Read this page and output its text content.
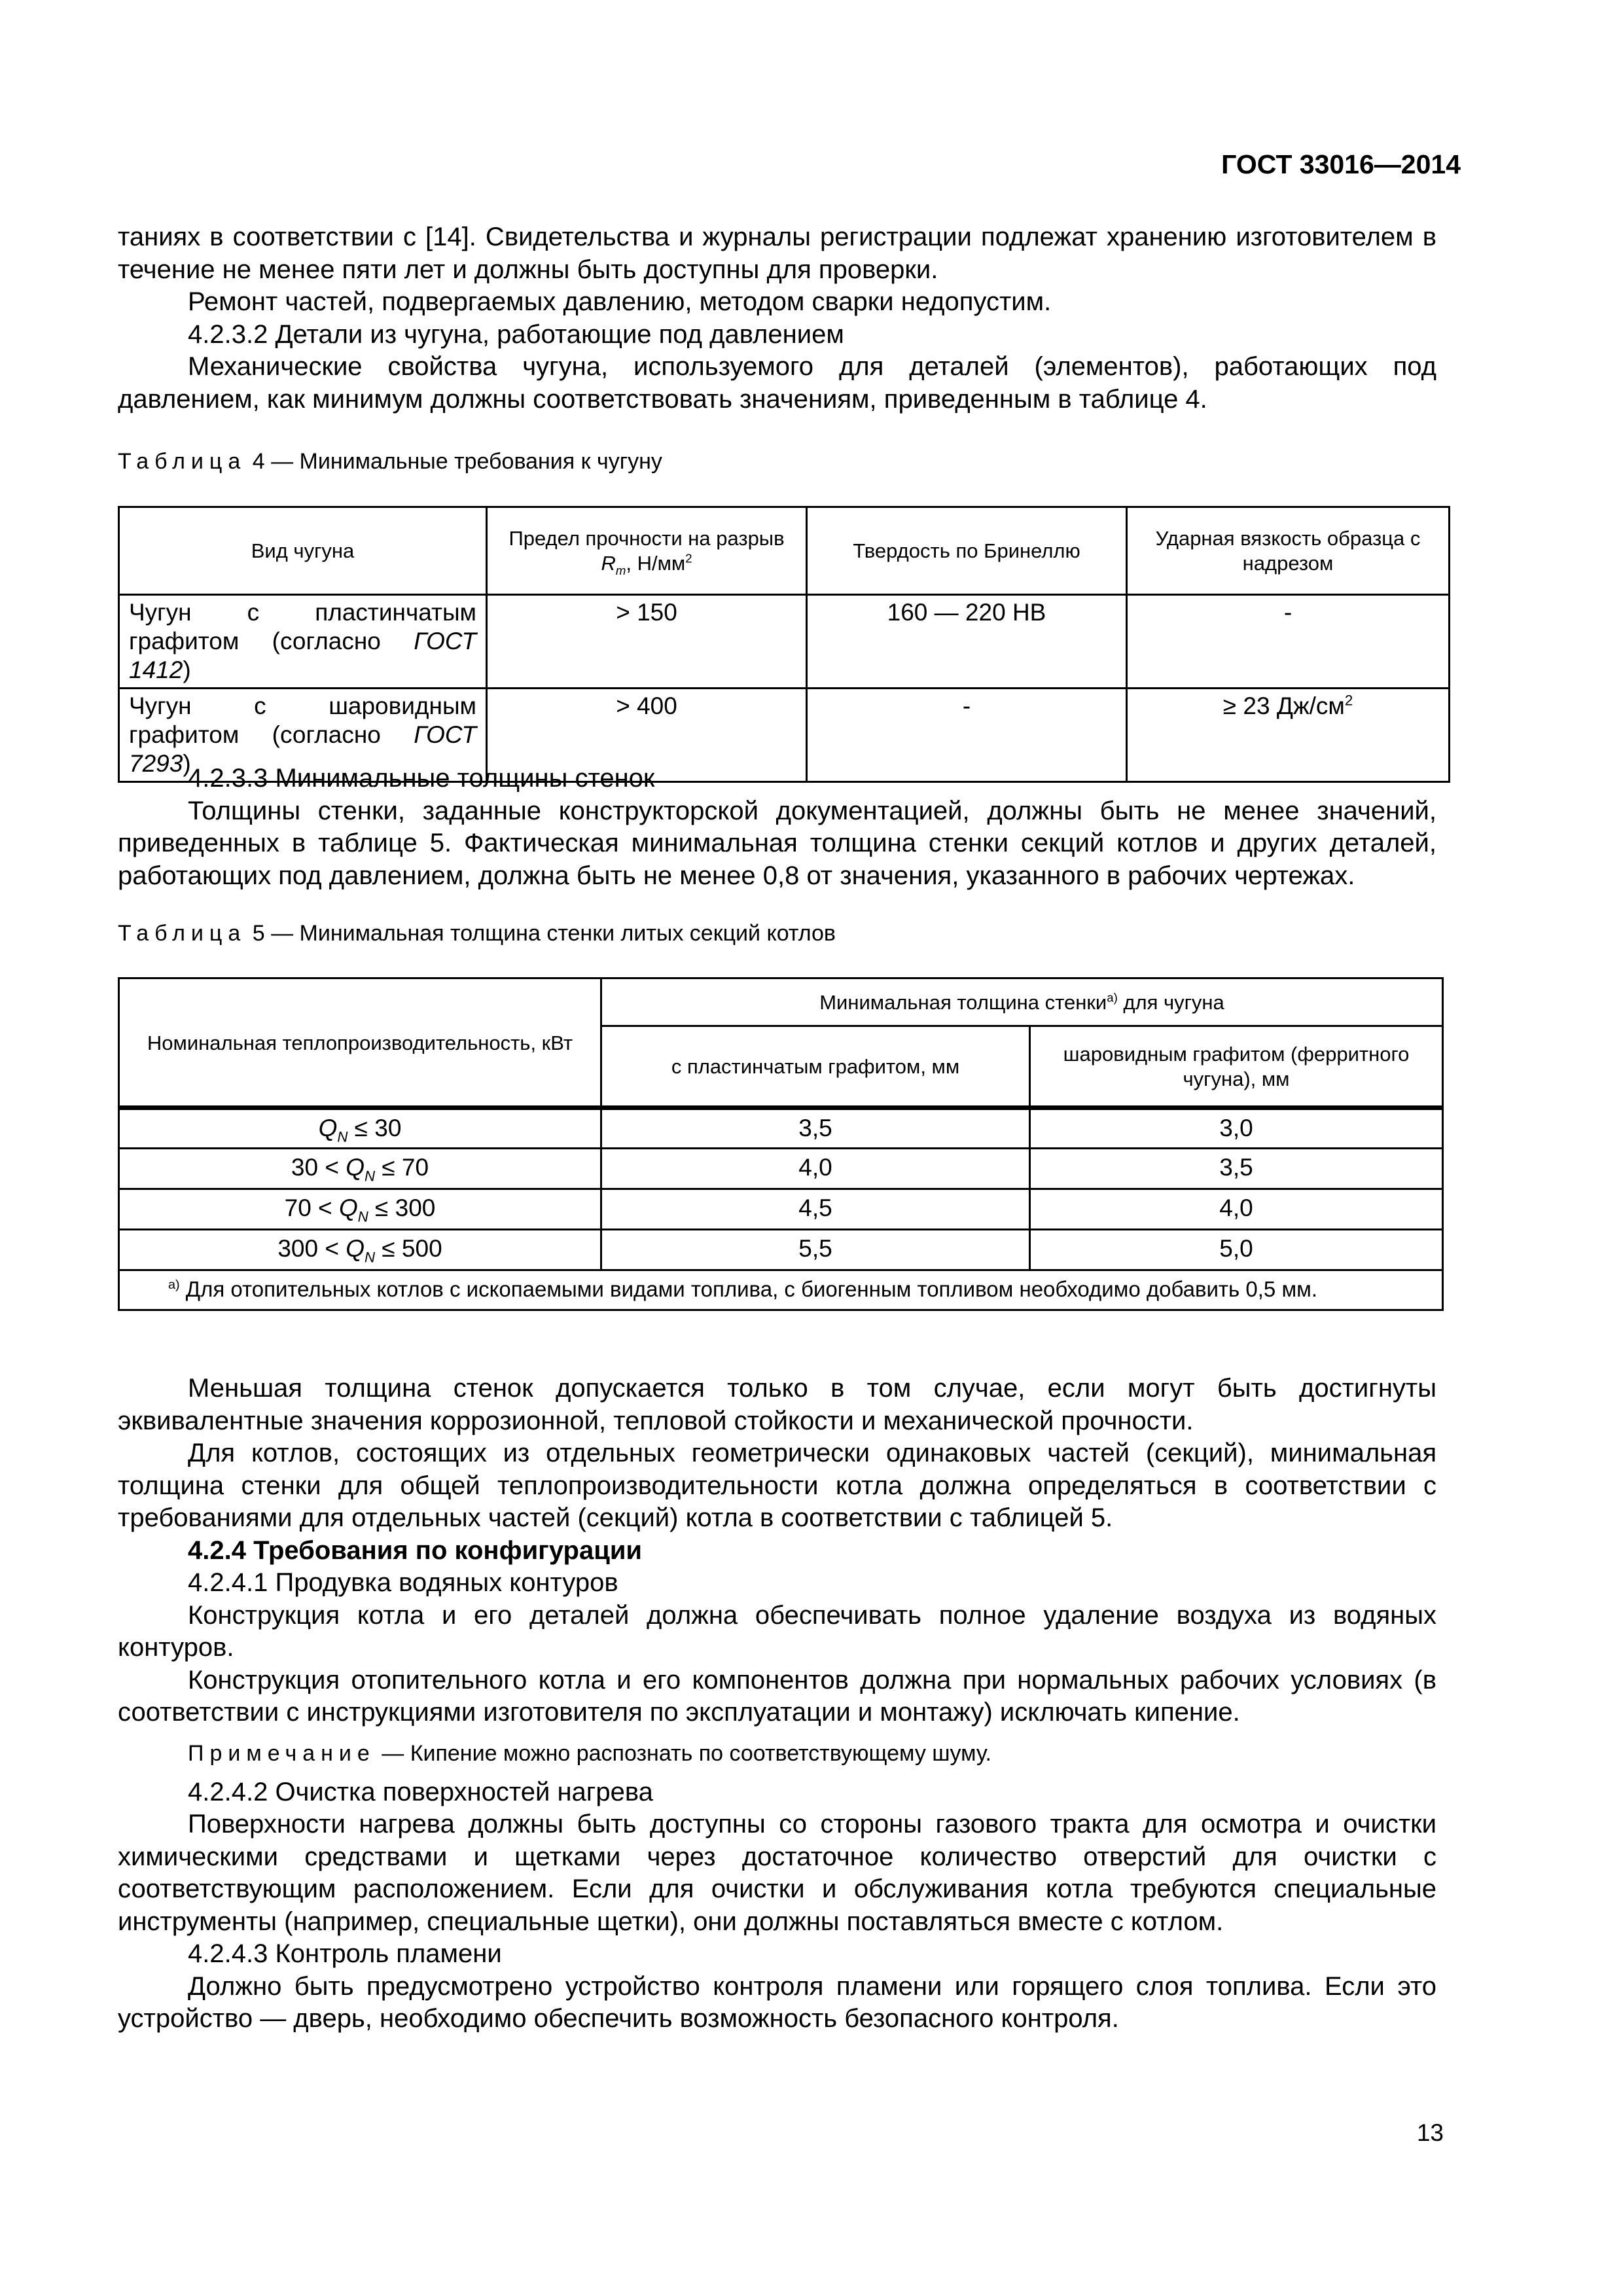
ГОСТ 33016—2014

таниях в соответствии с [14]. Свидетельства и журналы регистрации подлежат хранению изготовителем в течение не менее пяти лет и должны быть доступны для проверки.

Ремонт частей, подвергаемых давлению, методом сварки недопустим.

4.2.3.2 Детали из чугуна, работающие под давлением

Механические свойства чугуна, используемого для деталей (элементов), работающих под давлением, как минимум должны соответствовать значениям, приведенным в таблице 4.

Таблица 4 — Минимальные требования к чугуну
Вид чугуна	Предел прочности на разрыв $R_m$, $Н/мм^2$	Твердость по Бринеллю	Ударная вязкость образца с надрезом
Чугун с пластинчатым графитом (согласно ГОСТ 1412)	> 150	160 — 220 HB	-
Чугун с шаровидным графитом (согласно ГОСТ 7293)	> 400	-	≥ 23 $Дж/см^2$

4.2.3.3 Минимальные толщины стенок

Толщины стенки, заданные конструкторской документацией, должны быть не менее значений, приведенных в таблице 5. Фактическая минимальная толщина стенки секций котлов и других деталей, работающих под давлением, должна быть не менее 0,8 от значения, указанного в рабочих чертежах.

Таблица 5 — Минимальная толщина стенки литых секций котлов
Номинальная теплопроизводительность, кВт	Минимальная толщина стенки$^{а)}$ для чугуна	
	с пластинчатым графитом, мм	шаровидным графитом (ферритного чугуна), мм
$Q_N \le 30$	3,5	3,0
$30 < Q_N \le 70$	4,0	3,5
$70 < Q_N \le 300$	4,5	4,0
$300 < Q_N \le 500$	5,5	5,0
$^{а)}$ Для отопительных котлов с ископаемыми видами топлива, с биогенным топливом необходимо добавить 0,5 мм.		

Меньшая толщина стенок допускается только в том случае, если могут быть достигнуты эквивалентные значения коррозионной, тепловой стойкости и механической прочности.

Для котлов, состоящих из отдельных геометрически одинаковых частей (секций), минимальная толщина стенки для общей теплопроизводительности котла должна определяться в соответствии с требованиями для отдельных частей (секций) котла в соответствии с таблицей 5.

4.2.4 Требования по конфигурации

4.2.4.1 Продувка водяных контуров

Конструкция котла и его деталей должна обеспечивать полное удаление воздуха из водяных контуров.

Конструкция отопительного котла и его компонентов должна при нормальных рабочих условиях (в соответствии с инструкциями изготовителя по эксплуатации и монтажу) исключать кипение.

Примечание — Кипение можно распознать по соответствующему шуму.

4.2.4.2 Очистка поверхностей нагрева

Поверхности нагрева должны быть доступны со стороны газового тракта для осмотра и очистки химическими средствами и щетками через достаточное количество отверстий для очистки с соответствующим расположением. Если для очистки и обслуживания котла требуются специальные инструменты (например, специальные щетки), они должны поставляться вместе с котлом.

4.2.4.3 Контроль пламени

Должно быть предусмотрено устройство контроля пламени или горящего слоя топлива. Если это устройство — дверь, необходимо обеспечить возможность безопасного контроля.

13
